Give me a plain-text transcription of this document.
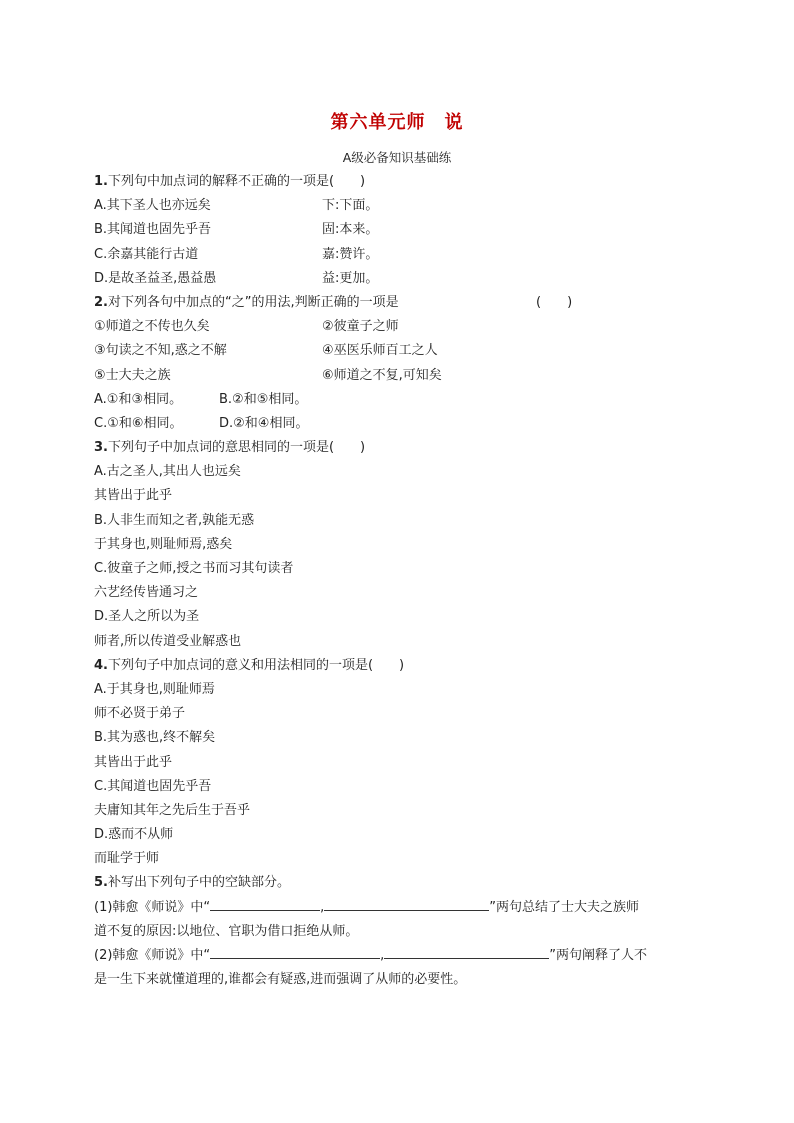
第六单元师　 说
A级必备知识基础练
1.下列句中加点词的解释不正确的一项是(　　)
A.其下圣人也亦远矣	下:下面。
B.其闻道也固先乎吾	固:本来。
C.余嘉其能行古道	嘉:赞许。
D.是故圣益圣,愚益愚	益:更加。
2.对下列各句中加点的“之”的用法,判断正确的一项是	(　　)
①师道之不传也久矣	②彼童子之师
③句读之不知,惑之不解	④巫医乐师百工之人
⑤士大夫之族	⑥师道之不复,可知矣
A.①和③相同。	B.②和⑤相同。
C.①和⑥相同。	D.②和④相同。
3.下列句子中加点词的意思相同的一项是(　　)
A.古之圣人,其出人也远矣
其皆出于此乎
B.人非生而知之者,孰能无惑
于其身也,则耻师焉,惑矣
C.彼童子之师,授之书而习其句读者
六艺经传皆通习之
D.圣人之所以为圣
师者,所以传道受业解惑也
4.下列句子中加点词的意义和用法相同的一项是(　　)
A.于其身也,则耻师焉
师不必贤于弟子
B.其为惑也,终不解矣
其皆出于此乎
C.其闻道也固先乎吾
夫庸知其年之先后生于吾乎
D.惑而不从师
而耻学于师
5.补写出下列句子中的空缺部分。
(1)韩愈《师说》中“	,	”两句总结了士大夫之族师
道不复的原因:以地位、官职为借口拒绝从师。
(2)韩愈《师说》中“	,	”两句阐释了人不
是一生下来就懂道理的,谁都会有疑惑,进而强调了从师的必要性。
